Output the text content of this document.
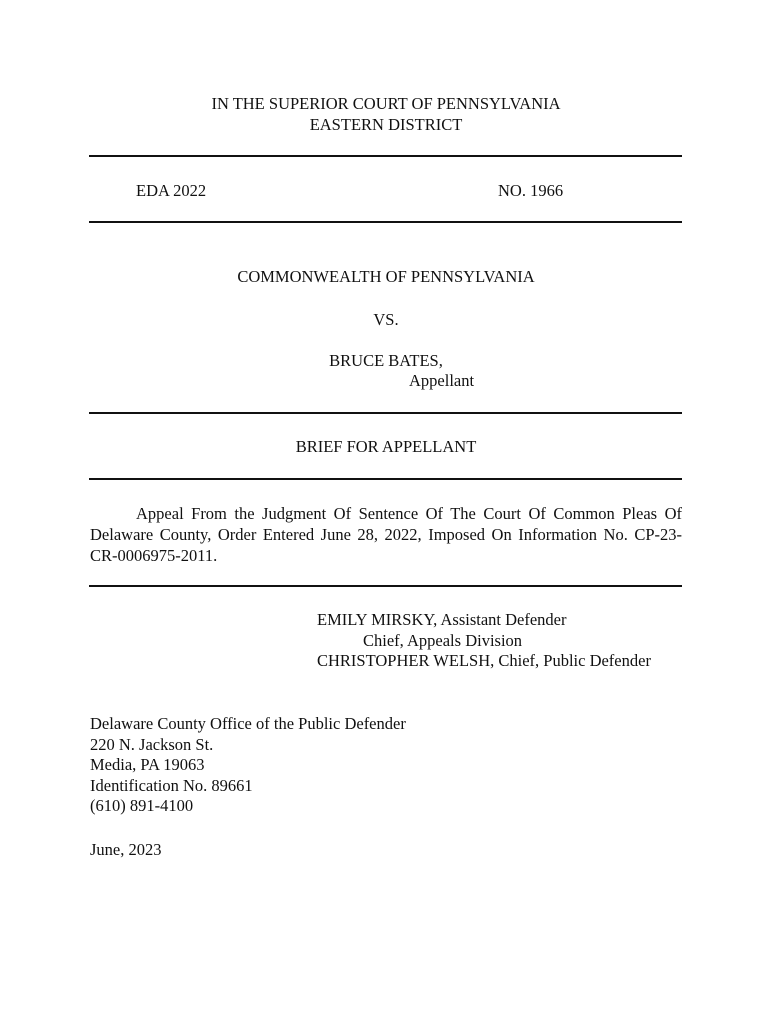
IN THE SUPERIOR COURT OF PENNSYLVANIA
EASTERN DISTRICT
EDA 2022	NO. 1966
COMMONWEALTH OF PENNSYLVANIA
VS.
BRUCE BATES,
Appellant
BRIEF FOR APPELLANT
Appeal From the Judgment Of Sentence Of The Court Of Common Pleas Of Delaware County, Order Entered June 28, 2022, Imposed On Information No. CP-23-CR-0006975-2011.
EMILY MIRSKY, Assistant Defender
Chief, Appeals Division
CHRISTOPHER WELSH, Chief, Public Defender
Delaware County Office of the Public Defender
220 N. Jackson St.
Media, PA 19063
Identification No. 89661
(610) 891-4100
June, 2023
